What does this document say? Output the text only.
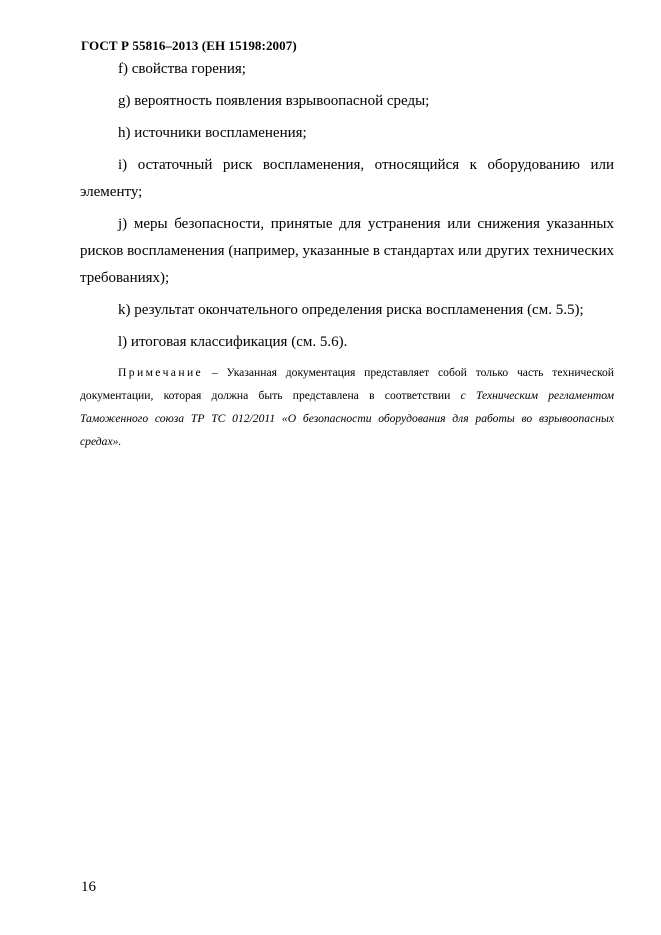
ГОСТ Р 55816–2013 (ЕН 15198:2007)

f) свойства горения;

g) вероятность появления взрывоопасной среды;

h) источники воспламенения;

i) остаточный риск воспламенения, относящийся к оборудованию или элементу;

j) меры безопасности, принятые для устранения или снижения указанных рисков воспламенения (например, указанные в стандартах или других технических требованиях);

k) результат окончательного определения риска воспламенения (см. 5.5);

l) итоговая классификация (см. 5.6).

Примечание – Указанная документация представляет собой только часть технической документации, которая должна быть представлена в соответствии с Техническим регламентом Таможенного союза ТР ТС 012/2011 «О безопасности оборудования для работы во взрывоопасных средах».

16
